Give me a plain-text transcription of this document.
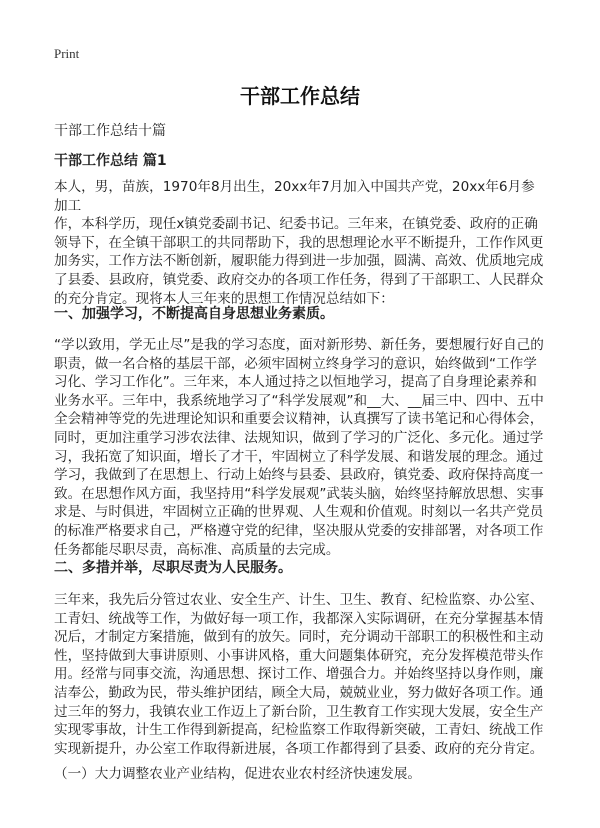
Print
干部工作总结
干部工作总结十篇
干部工作总结 篇1
本人，男，苗族，1970年8月出生，20xx年7月加入中国共产党，20xx年6月参加工
作，本科学历，现任x镇党委副书记、纪委书记。三年来，在镇党委、政府的正确
领导下，在全镇干部职工的共同帮助下，我的思想理论水平不断提升，工作作风更
加务实，工作方法不断创新，履职能力得到进一步加强，圆满、高效、优质地完成
了县委、县政府，镇党委、政府交办的各项工作任务，得到了干部职工、人民群众
的充分肯定。现将本人三年来的思想工作情况总结如下：
一、加强学习，不断提高自身思想业务素质。
“学以致用，学无止尽”是我的学习态度，面对新形势、新任务，要想履行好自己的
职责，做一名合格的基层干部，必须牢固树立终身学习的意识，始终做到“工作学
习化、学习工作化”。三年来，本人通过持之以恒地学习，提高了自身理论素养和
业务水平。三年中，我系统地学习了“科学发展观”和__大、__届三中、四中、五中
全会精神等党的先进理论知识和重要会议精神，认真撰写了读书笔记和心得体会，
同时，更加注重学习涉农法律、法规知识，做到了学习的广泛化、多元化。通过学
习，我拓宽了知识面，增长了才干，牢固树立了科学发展、和谐发展的理念。通过
学习，我做到了在思想上、行动上始终与县委、县政府，镇党委、政府保持高度一
致。在思想作风方面，我坚持用“科学发展观”武装头脑，始终坚持解放思想、实事
求是、与时俱进，牢固树立正确的世界观、人生观和价值观。时刻以一名共产党员
的标准严格要求自己，严格遵守党的纪律，坚决服从党委的安排部署，对各项工作
任务都能尽职尽责，高标准、高质量的去完成。
二、多措并举，尽职尽责为人民服务。
三年来，我先后分管过农业、安全生产、计生、卫生、教育、纪检监察、办公室、
工青妇、统战等工作，为做好每一项工作，我都深入实际调研，在充分掌握基本情
况后，才制定方案措施，做到有的放矢。同时，充分调动干部职工的积极性和主动
性，坚持做到大事讲原则、小事讲风格，重大问题集体研究，充分发挥模范带头作
用。经常与同事交流，沟通思想、探讨工作、增强合力。并始终坚持以身作则，廉
洁奉公，勤政为民，带头维护团结，顾全大局，兢兢业业，努力做好各项工作。通
过三年的努力，我镇农业工作迈上了新台阶，卫生教育工作实现大发展，安全生产
实现零事故，计生工作得到新提高，纪检监察工作取得新突破，工青妇、统战工作
实现新提升，办公室工作取得新进展，各项工作都得到了县委、政府的充分肯定。
（一）大力调整农业产业结构，促进农业农村经济快速发展。
